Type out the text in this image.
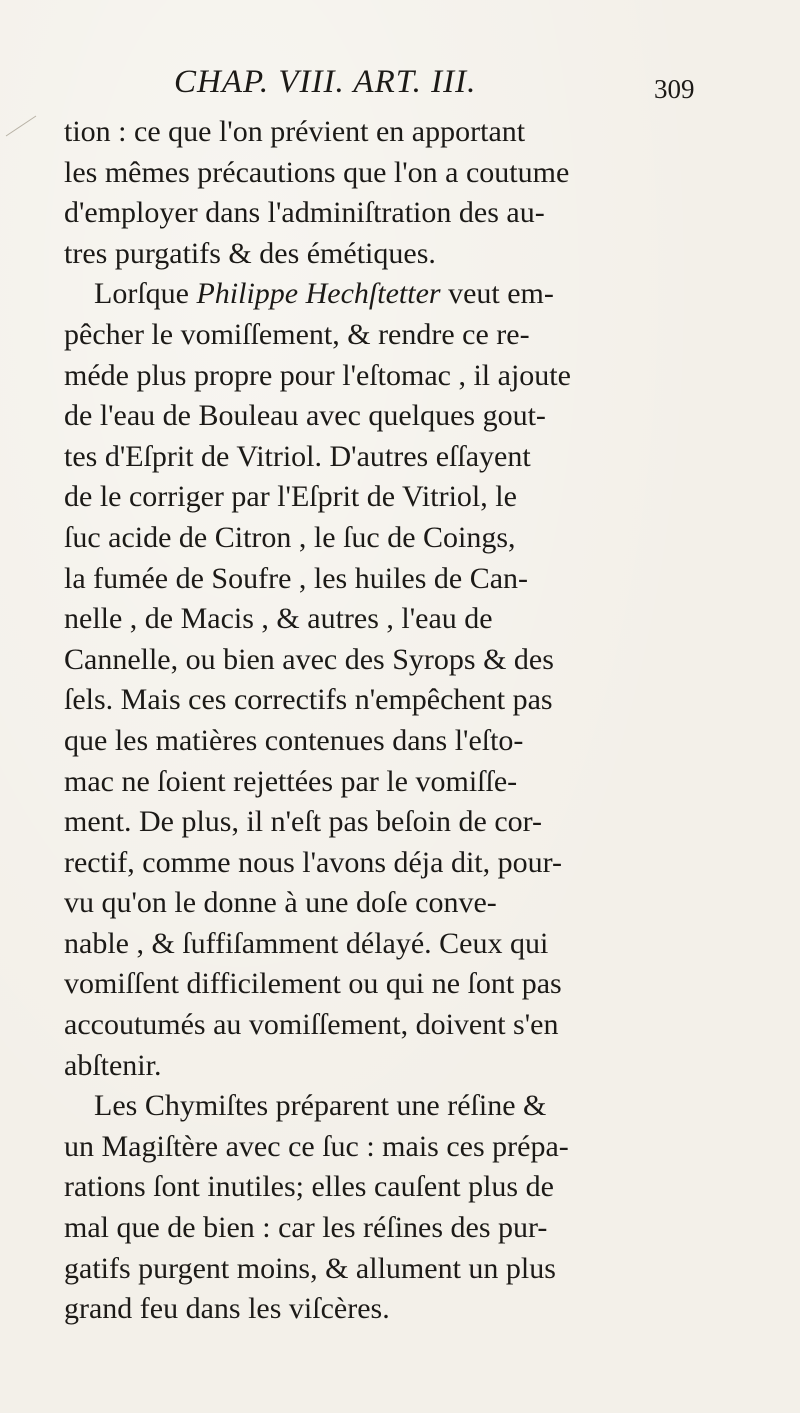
CHAP. VIII. ART. III.	309
tion : ce que l'on prévient en apportant
les mêmes précautions que l'on a coutume
d'employer dans l'adminiſtration des au-
tres purgatifs & des émétiques.
Lorſque Philippe Hechſtetter veut em-
pêcher le vomiſſement, & rendre ce re-
méde plus propre pour l'eſtomac , il ajoute
de l'eau de Bouleau avec quelques gout-
tes d'Eſprit de Vitriol. D'autres eſſayent
de le corriger par l'Eſprit de Vitriol, le
ſuc acide de Citron , le ſuc de Coings,
la fumée de Soufre , les huiles de Can-
nelle , de Macis , & autres , l'eau de
Cannelle, ou bien avec des Syrops & des
ſels. Mais ces correctifs n'empêchent pas
que les matières contenues dans l'eſto-
mac ne ſoient rejettées par le vomiſſe-
ment. De plus, il n'eſt pas beſoin de cor-
rectif, comme nous l'avons déja dit, pour-
vu qu'on le donne à une doſe conve-
nable , & ſuffiſamment délayé. Ceux qui
vomiſſent difficilement ou qui ne ſont pas
accoutumés au vomiſſement, doivent s'en
abſtenir.
Les Chymiſtes préparent une réſine &
un Magiſtère avec ce ſuc : mais ces prépa-
rations ſont inutiles; elles cauſent plus de
mal que de bien : car les réſines des pur-
gatifs purgent moins, & allument un plus
grand feu dans les viſcères.
